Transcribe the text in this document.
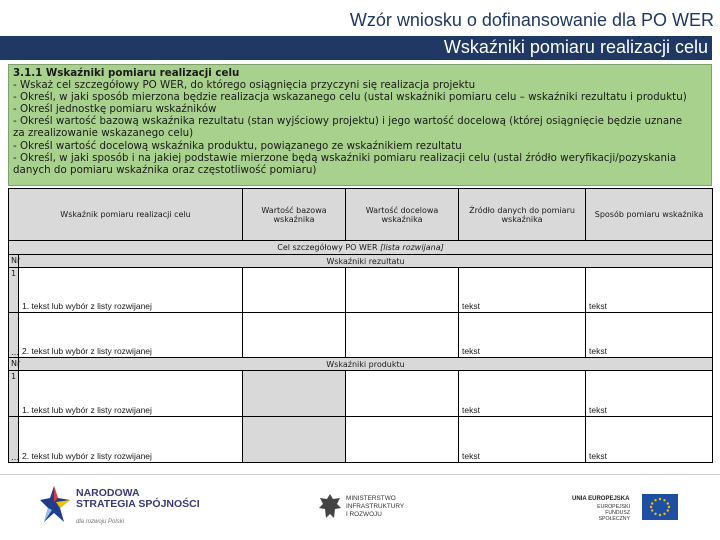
Wzór wniosku o dofinansowanie dla PO WER
Wskaźniki pomiaru realizacji celu
3.1.1 Wskaźniki pomiaru realizacji celu
- Wskaż cel szczegółowy PO WER, do którego osiągnięcia przyczyni się realizacja projektu
- Określ, w jaki sposób mierzona będzie realizacja wskazanego celu (ustal wskaźniki pomiaru celu – wskaźniki rezultatu i produktu)
- Określ jednostkę pomiaru wskaźników
- Określ wartość bazową wskaźnika rezultatu (stan wyjściowy projektu) i jego wartość docelową (której osiągnięcie będzie uznane
za zrealizowanie wskazanego celu)
- Określ wartość docelową wskaźnika produktu, powiązanego ze wskaźnikiem rezultatu
- Określ, w jaki sposób i na jakiej podstawie mierzone będą wskaźniki pomiaru realizacji celu (ustal źródło weryfikacji/pozyskania
danych do pomiaru wskaźnika oraz częstotliwość pomiaru)
Wskaźnik pomiaru realizacji celu		Wartość bazowa wskaźnika	Wartość docelowa wskaźnika	Źródło danych do pomiaru wskaźnika	Sposób pomiaru wskaźnika
Cel szczegółowy PO WER [lista rozwijana]					
Nr	Wskaźniki rezultatu				
1	1. tekst lub wybór z listy rozwijanej			tekst	tekst
…	2. tekst lub wybór z listy rozwijanej			tekst	tekst
Nr	Wskaźniki produktu				
1	1. tekst lub wybór z listy rozwijanej			tekst	tekst
…	2. tekst lub wybór z listy rozwijanej			tekst	tekst
NARODOWA
STRATEGIA SPÓJNOŚCI
dla rozwoju Polski
MINISTERSTWO
INFRASTRUKTURY
I ROZWOJU
UNIA EUROPEJSKA
EUROPEJSKI
FUNDUSZ SPOŁECZNY
